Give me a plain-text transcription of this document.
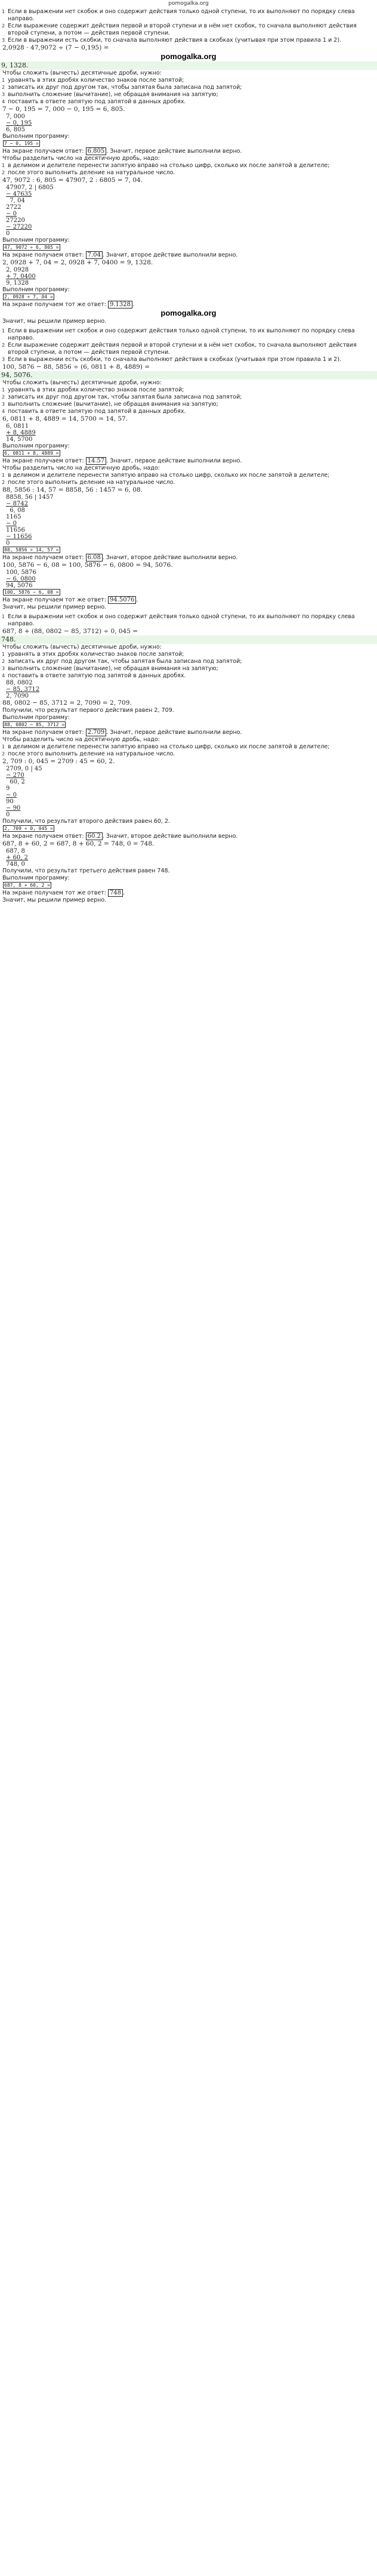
pomogalka.org
1 Если в выражении нет скобок и оно содержит действия только одной ступени, то их выполняют по порядку слева направо.
2 Если выражение содержит действия первой и второй ступени и в нём нет скобок, то сначала выполняют действия второй ступени, а потом — действия первой ступени.
3 Если в выражении есть скобки, то сначала выполняют действия в скобках (учитывая при этом правила 1 и 2).
2,0928 ⋅ 47,9072 ÷ (7 − 0,195) =
pomogalka.org
9, 1328.
Чтобы сложить (вычесть) десятичные дроби, нужно:
1 уравнять в этих дробях количество знаков после запятой;
2 записать их друг под другом так, чтобы запятая была записана под запятой;
3 выполнить сложение (вычитание), не обращая внимания на запятую;
4 поставить в ответе запятую под запятой в данных дробях.
7 − 0, 195 = 7, 000 − 0, 195 = 6, 805.
7, 000
− 0, 195
6, 805
Выполним программу:
7 − 0, 195 =
На экране получаем ответ: 6.805 . Значит, первое действие выполнили верно.
Чтобы разделить число на десятичную дробь, надо:
1 в делимом и делителе перенести запятую вправо на столько цифр, сколько их после запятой в делителе;
2 после этого выполнить деление на натуральное число.
47, 9072 : 6, 805 = 47907, 2 : 6805 = 7, 04.
47907, 2 | 6805
− 47635
7, 04
2722
− 0
27220
− 27220
0
Выполним программу:
47, 9072 ÷ 6, 805 =
На экране получаем ответ: 7.04 . Значит, второе действие выполнили верно.
2, 0928 + 7, 04 = 2, 0928 + 7, 0400 = 9, 1328.
2, 0928
+ 7, 0400
9, 1328
Выполним программу:
2, 0928 + 7, 04 =
На экране получаем тот же ответ: 9.1328 .
pomogalka.org
Значит, мы решили пример верно.
1 Если в выражении нет скобок и оно содержит действия только одной ступени, то их выполняют по порядку слева направо.
2 Если выражение содержит действия первой и второй ступени и в нём нет скобок, то сначала выполняют действия второй ступени, а потом — действия первой ступени.
3 Если в выражении есть скобки, то сначала выполняют действия в скобках (учитывая при этом правила 1 и 2).
100, 5876 − 88, 5856 ÷ (6, 0811 + 8, 4889) =
94, 5076.
Чтобы сложить (вычесть) десятичные дроби, нужно:
1 уравнять в этих дробях количество знаков после запятой;
2 записать их друг под другом так, чтобы запятая была записана под запятой;
3 выполнить сложение (вычитание), не обращая внимания на запятую;
4 поставить в ответе запятую под запятой в данных дробях.
6, 0811 + 8, 4889 = 14, 5700 = 14, 57.
6, 0811
+ 8, 4889
14, 5700
Выполним программу:
6, 0811 + 8, 4889 =
На экране получаем ответ: 14.57 . Значит, первое действие выполнили верно.
Чтобы разделить число на десятичную дробь, надо:
1 в делимом и делителе перенести запятую вправо на столько цифр, сколько их после запятой в делителе;
2 после этого выполнить деление на натуральное число.
88, 5856 : 14, 57 = 8858, 56 : 1457 = 6, 08.
8858, 56 | 1457
− 8742
6, 08
1165
− 0
11656
− 11656
0
88, 5856 ÷ 14, 57 =
На экране получаем ответ: 6.08 . Значит, второе действие выполнили верно.
100, 5876 − 6, 08 = 100, 5876 − 6, 0800 = 94, 5076.
100, 5876
− 6, 0800
94, 5076
100, 5876 − 6, 08 =
На экране получаем тот же ответ: 94.5076 .
Значит, мы решили пример верно.
1 Если в выражении нет скобок и оно содержит действия только одной ступени, то их выполняют по порядку слева направо.
687, 8 + (88, 0802 − 85, 3712) ÷ 0, 045 =
748.
Чтобы сложить (вычесть) десятичные дроби, нужно:
1 уравнять в этих дробях количество знаков после запятой;
2 записать их друг под другом так, чтобы запятая была записана под запятой;
3 выполнить сложение (вычитание), не обращая внимания на запятую;
4 поставить в ответе запятую под запятой в данных дробях.
88, 0802
− 85, 3712
2, 7090
88, 0802 − 85, 3712 = 2, 7090 = 2, 709.
Получили, что результат первого действия равен 2, 709.
Выполним программу:
88, 0802 − 85, 3712 =
На экране получаем ответ: 2.709 . Значит, первое действие выполнили верно.
Чтобы разделить число на десятичную дробь, надо:
1 в делимом и делителе перенести запятую вправо на столько цифр, сколько их после запятой в делителе;
2 после этого выполнить деление на натуральное число.
2, 709 : 0, 045 = 2709 : 45 = 60, 2.
2709, 0 | 45
− 270
60, 2
9
− 0
90
− 90
0
Получили, что результат второго действия равен 60, 2.
2, 709 ÷ 0, 045 =
На экране получаем ответ: 60.2 . Значит, второе действие выполнили верно.
687, 8 + 60, 2 = 687, 8 + 60, 2 = 748, 0 = 748.
687, 8
+ 60, 2
748, 0
Получили, что результат третьего действия равен 748.
Выполним программу:
687, 8 + 60, 2 =
На экране получаем тот же ответ: 748 .
Значит, мы решили пример верно.
